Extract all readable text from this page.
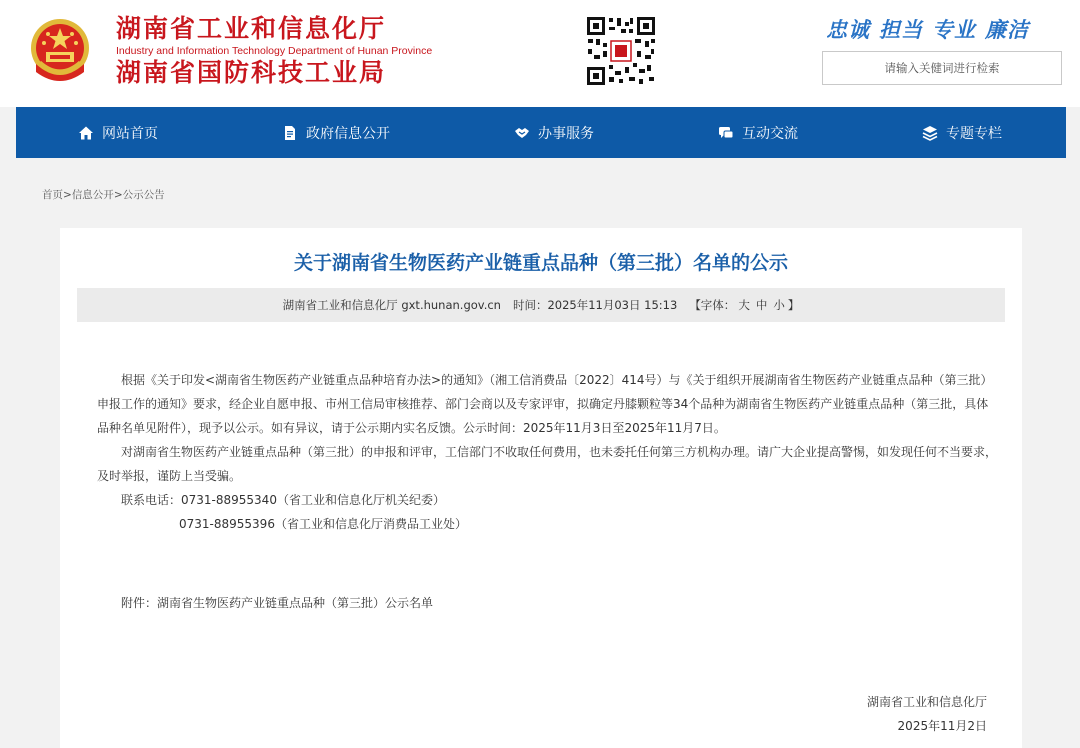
湖南省工业和信息化厅
Industry and Information Technology Department of Hunan Province
湖南省国防科技工业局
忠诚 担当 专业 廉洁
请输入关健词进行检索
网站首页	政府信息公开	办事服务	互动交流	专题专栏
首页>信息公开>公示公告
关于湖南省生物医药产业链重点品种（第三批）名单的公示
湖南省工业和信息化厅 gxt.hunan.gov.cn 时间：2025年11月03日 15:13 【字体： 大 中 小 】

根据《关于印发<湖南省生物医药产业链重点品种培育办法>的通知》（湘工信消费品〔2022〕414号）与《关于组织开展湖南省生物医药产业链重点品种（第三批）申报工作的通知》要求，经企业自愿申报、市州工信局审核推荐、部门会商以及专家评审，拟确定丹膝颗粒等34个品种为湖南省生物医药产业链重点品种（第三批，具体品种名单见附件），现予以公示。如有异议，请于公示期内实名反馈。公示时间：2025年11月3日至2025年11月7日。

对湖南省生物医药产业链重点品种（第三批）的申报和评审，工信部门不收取任何费用，也未委托任何第三方机构办理。请广大企业提高警惕，如发现任何不当要求，及时举报，谨防上当受骗。

联系电话：0731-88955340（省工业和信息化厅机关纪委）
0731-88955396（省工业和信息化厅消费品工业处）
附件：湖南省生物医药产业链重点品种（第三批）公示名单
湖南省工业和信息化厅
2025年11月2日
